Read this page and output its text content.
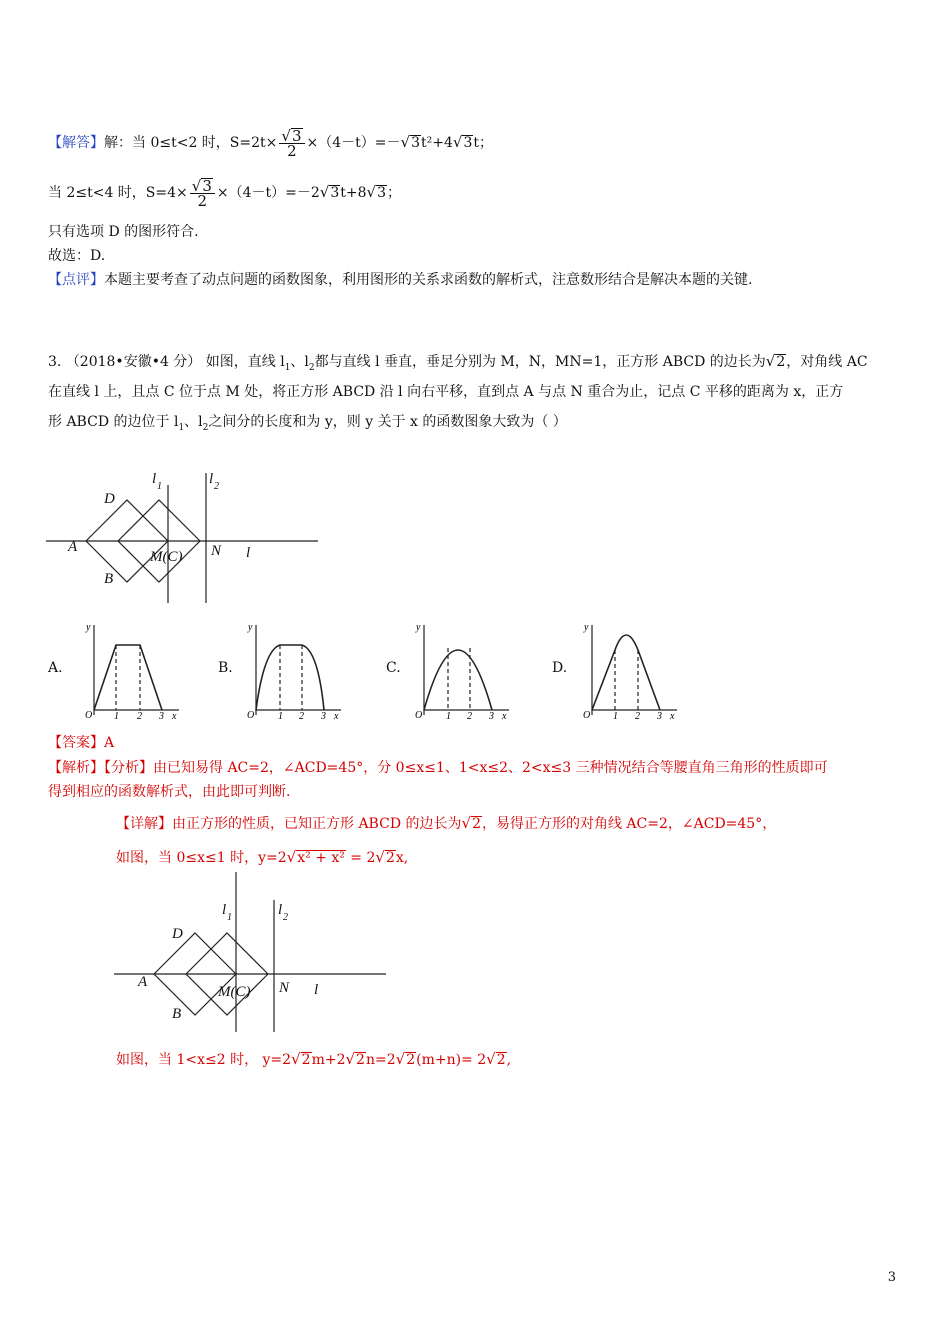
【解答】解：当 0≤t<2 时，$S=2t\times \frac{√3}{2} \times(4-t)=-√3t^2+4√3t$；
当 2≤t<4 时，$S=4\times \frac{√3}{2} \times(4-t)=-2√3t+8√3$；
只有选项 D 的图形符合.
故选：D.
【点评】本题主要考查了动点问题的函数图象，利用图形的关系求函数的解析式，注意数形结合是解决本题的关键.
3. （2018•安徽•4 分） 如图，直线 $l_1$、$l_2$都与直线 l 垂直，垂足分别为 M，N，MN=1，正方形 ABCD 的边长为√2，对角线 AC
在直线 l 上，且点 C 位于点 M 处，将正方形 ABCD 沿 l 向右平移，直到点 A 与点 N 重合为止，记点 C 平移的距离为 x，正方
形 ABCD 的边位于 $l_1$、$l_2$之间分的长度和为 y，则 y 关于 x 的函数图象大致为（ ）
D
A
B
M(C) N l
l 1	l 2
A.	B.	C.	D.
y
O 1 2 3 x
y
O 1 2 3 x
y
O 1 2 3 x
y
O 1 2 3 x
【答案】A
【解析】【分析】由已知易得 AC=2，∠ACD=45°，分 0≤x≤1、1<x≤2、2<x≤3 三种情况结合等腰直角三角形的性质即可
得到相应的函数解析式，由此即可判断.
【详解】由正方形的性质，已知正方形 ABCD 的边长为√2，易得正方形的对角线 AC=2，∠ACD=45°，
如图，当 0≤x≤1 时，y=2√x² + x² = 2√2x,
D
A
B
M(C) N l
l 1	l 2
如图，当 1<x≤2 时， y=2√2m+2√2n=2√2(m+n)= 2√2,
3
